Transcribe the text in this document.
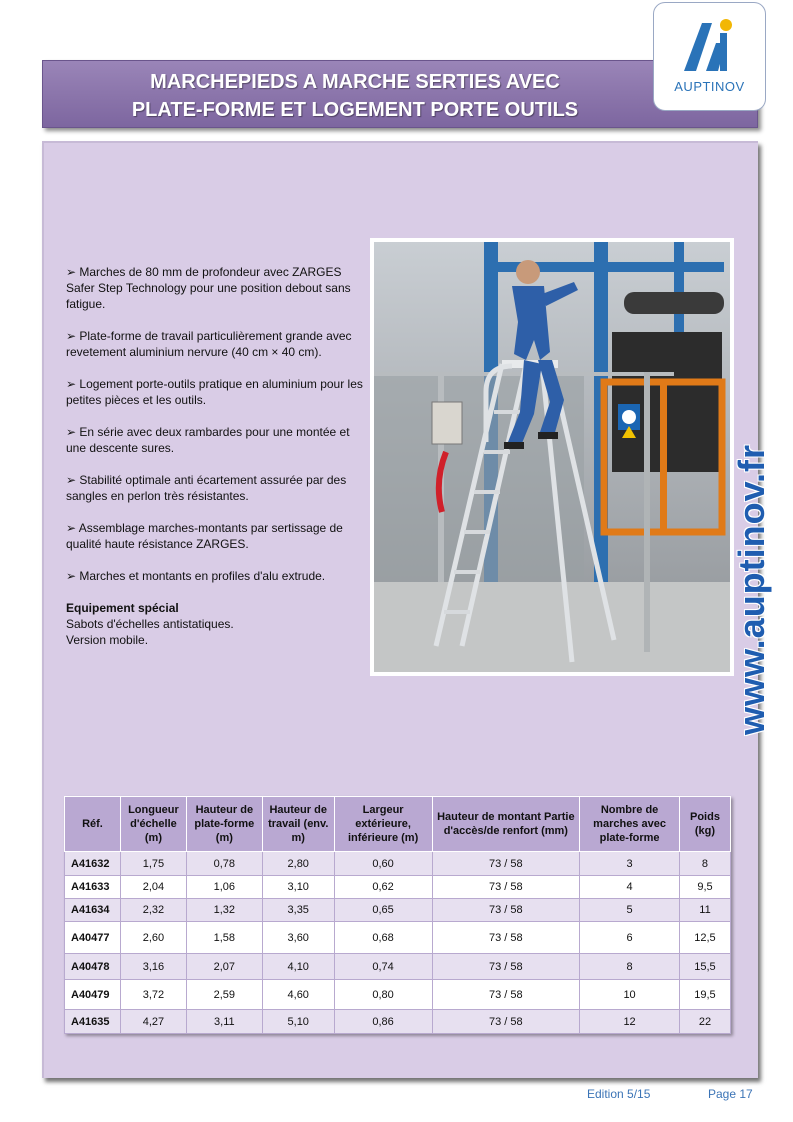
MARCHEPIEDS A MARCHE SERTIES AVEC
PLATE-FORME ET LOGEMENT PORTE OUTILS
AUPTINOV
➢ Marches de 80 mm de profondeur avec ZARGES Safer Step Technology pour une position debout sans fatigue.
➢ Plate-forme de travail particulièrement grande avec revetement aluminium nervure (40 cm × 40 cm).
➢ Logement porte-outils pratique en aluminium pour les petites pièces et les outils.
➢ En série avec deux rambardes pour une montée et une descente sures.
➢ Stabilité optimale anti écartement assurée par des sangles en perlon très résistantes.
➢ Assemblage marches-montants par sertissage de qualité haute résistance ZARGES.
➢ Marches et montants en profiles d'alu extrude.
Equipement spécial
Sabots d'échelles antistatiques.
Version mobile.	www.auptinov.fr
Réf.	Longueur d'échelle (m)	Hauteur de plate-forme (m)	Hauteur de travail (env. m)	Largeur extérieure, inférieure (m)	Hauteur de montant Partie d'accès/de renfort (mm)	Nombre de marches avec plate-forme	Poids (kg)
A41632	1,75	0,78	2,80	0,60	73 / 58	3	8
A41633	2,04	1,06	3,10	0,62	73 / 58	4	9,5
A41634	2,32	1,32	3,35	0,65	73 / 58	5	11
A40477	2,60	1,58	3,60	0,68	73 / 58	6	12,5
A40478	3,16	2,07	4,10	0,74	73 / 58	8	15,5
A40479	3,72	2,59	4,60	0,80	73 / 58	10	19,5
A41635	4,27	3,11	5,10	0,86	73 / 58	12	22
Edition 5/15	Page 17
